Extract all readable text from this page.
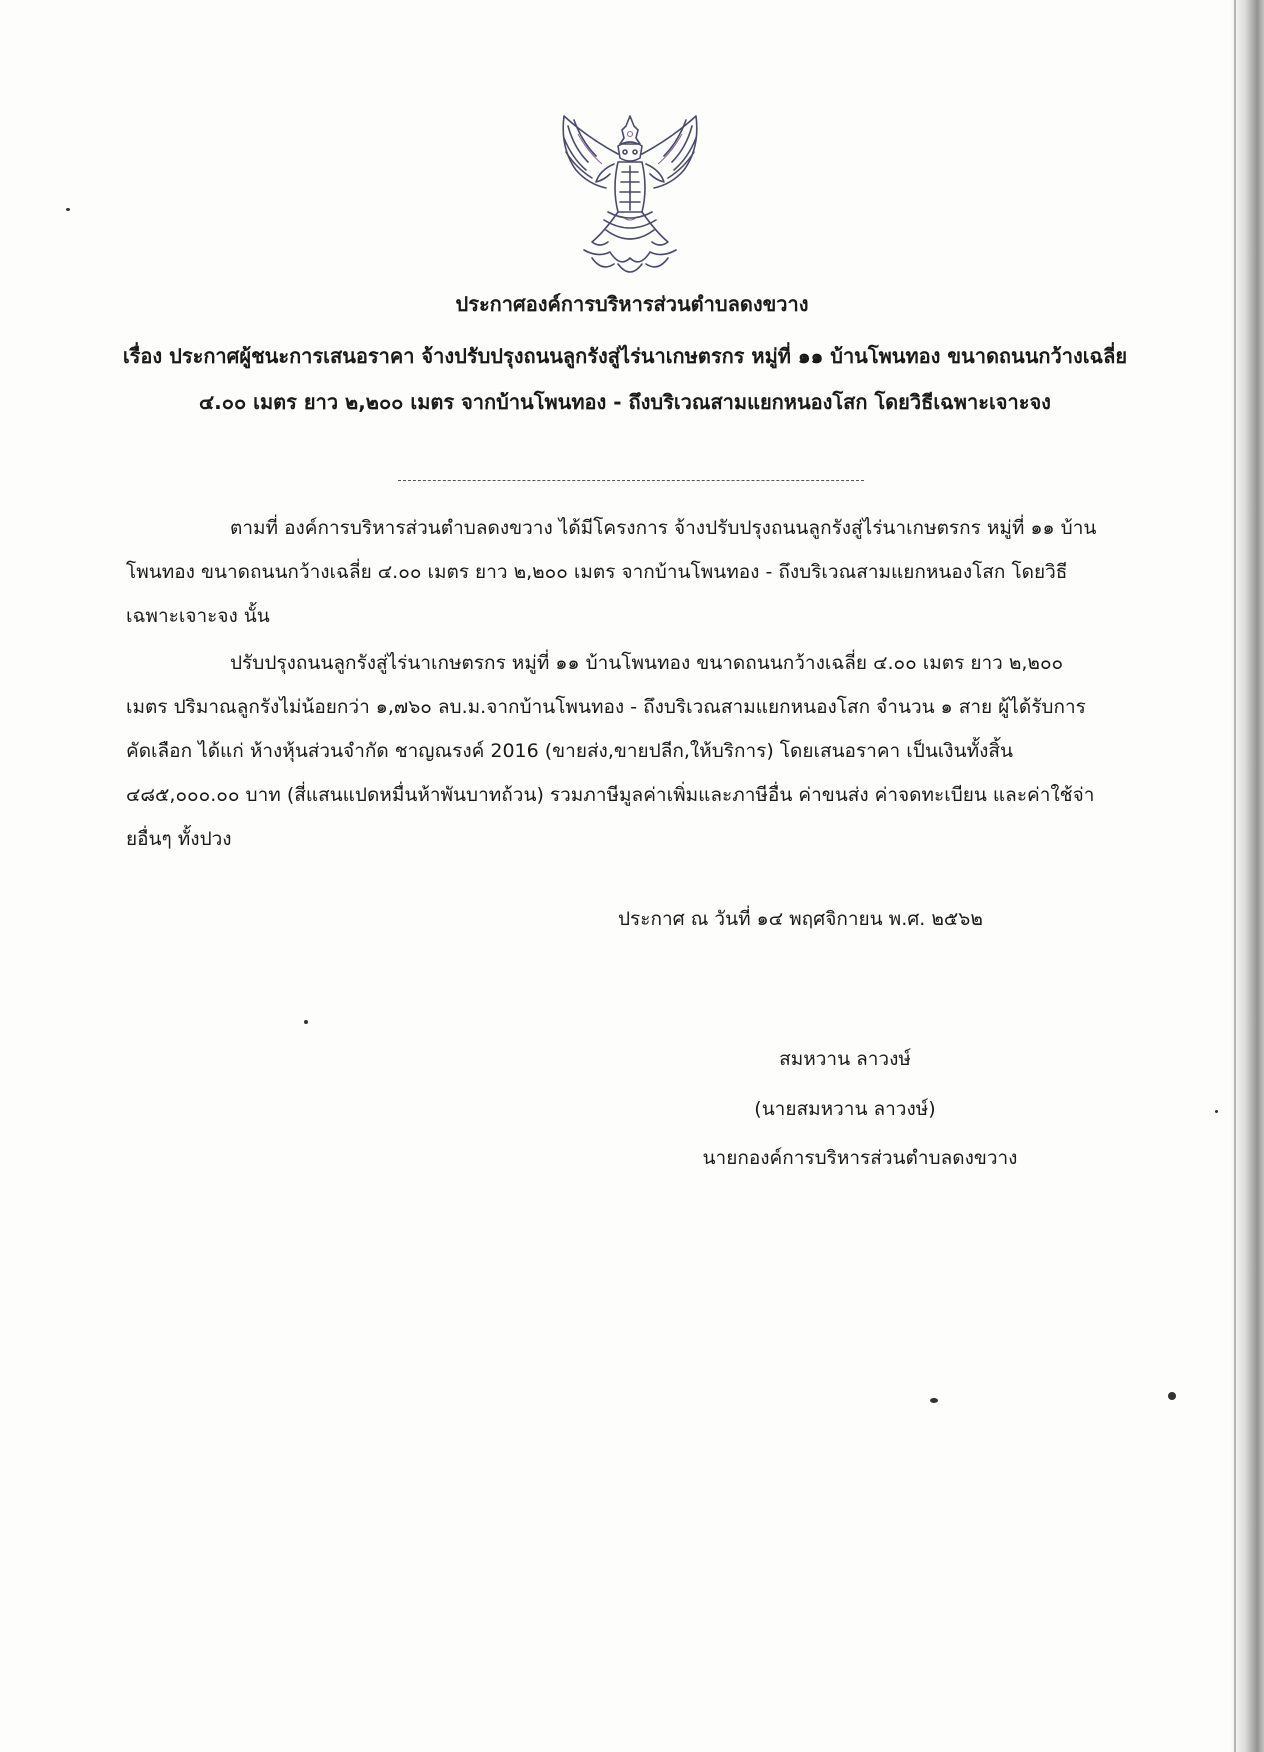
ประกาศองค์การบริหารส่วนตำบลดงขวาง
เรื่อง ประกาศผู้ชนะการเสนอราคา จ้างปรับปรุงถนนลูกรังสู่ไร่นาเกษตรกร หมู่ที่ ๑๑ บ้านโพนทอง ขนาดถนนกว้างเฉลี่ย ๔.๐๐ เมตร ยาว ๒,๒๐๐ เมตร จากบ้านโพนทอง - ถึงบริเวณสามแยกหนองโสก โดยวิธีเฉพาะเจาะจง
ตามที่ องค์การบริหารส่วนตำบลดงขวาง ได้มีโครงการ จ้างปรับปรุงถนนลูกรังสู่ไร่นาเกษตรกร หมู่ที่ ๑๑ บ้านโพนทอง ขนาดถนนกว้างเฉลี่ย ๔.๐๐ เมตร ยาว ๒,๒๐๐ เมตร จากบ้านโพนทอง - ถึงบริเวณสามแยกหนองโสก โดยวิธีเฉพาะเจาะจง นั้น
ปรับปรุงถนนลูกรังสู่ไร่นาเกษตรกร หมู่ที่ ๑๑ บ้านโพนทอง ขนาดถนนกว้างเฉลี่ย ๔.๐๐ เมตร ยาว ๒,๒๐๐ เมตร ปริมาณลูกรังไม่น้อยกว่า ๑,๗๖๐ ลบ.ม.จากบ้านโพนทอง - ถึงบริเวณสามแยกหนองโสก จำนวน ๑ สาย ผู้ได้รับการคัดเลือก ได้แก่ ห้างหุ้นส่วนจำกัด ชาญณรงค์ 2016 (ขายส่ง,ขายปลีก,ให้บริการ) โดยเสนอราคา เป็นเงินทั้งสิ้น ๔๘๕,๐๐๐.๐๐ บาท (สี่แสนแปดหมื่นห้าพันบาทถ้วน) รวมภาษีมูลค่าเพิ่มและภาษีอื่น ค่าขนส่ง ค่าจดทะเบียน และค่าใช้จ่ายอื่นๆ ทั้งปวง
ประกาศ ณ วันที่ ๑๔ พฤศจิกายน พ.ศ. ๒๕๖๒
สมหวาน ลาวงษ์
(นายสมหวาน ลาวงษ์)
นายกองค์การบริหารส่วนตำบลดงขวาง
